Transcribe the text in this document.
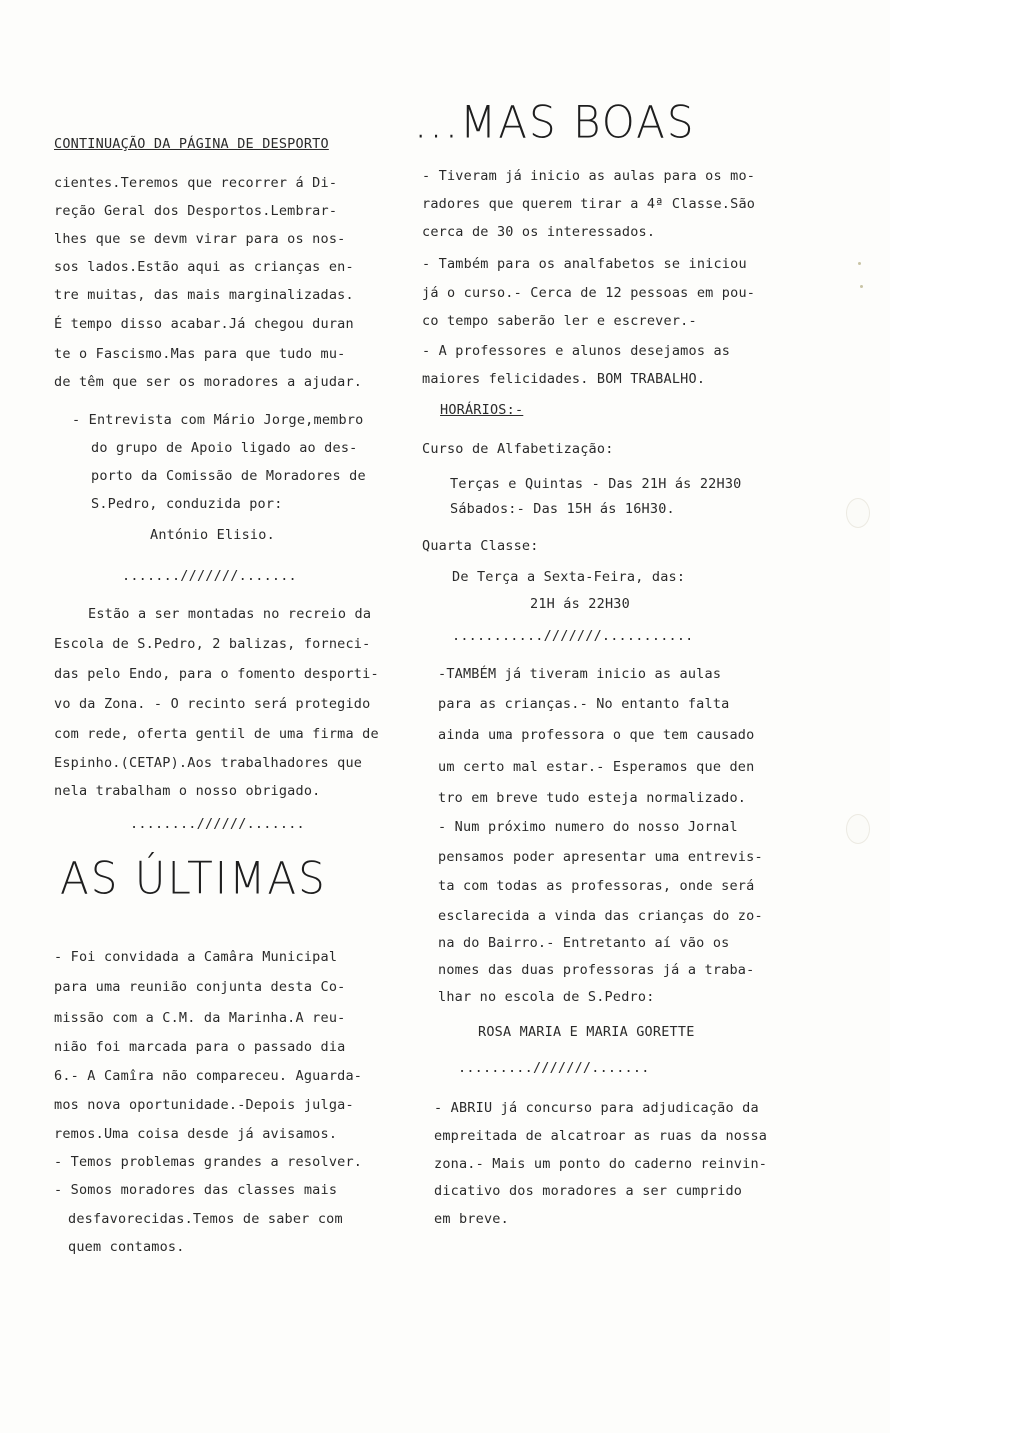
CONTINUAÇÃO DA PÁGINA DE DESPORTO
cientes.Teremos que recorrer á Di-
reção Geral dos Desportos.Lembrar-
lhes que se devm virar para os nos-
sos lados.Estão aqui as crianças en-
tre muitas, das mais marginalizadas.
É tempo disso acabar.Já chegou duran
te o Fascismo.Mas para que tudo mu-
de têm que ser os moradores a ajudar.
- Entrevista com Mário Jorge,membro
do grupo de Apoio ligado ao des-
porto da Comissão de Moradores de
S.Pedro, conduzida por:
António Elisio.
.......///////.......
Estão a ser montadas no recreio da
Escola de S.Pedro, 2 balizas, forneci-
das pelo Endo, para o fomento desporti-
vo da Zona. - O recinto será protegido
com rede, oferta gentil de uma firma de
Espinho.(CETAP).Aos trabalhadores que
nela trabalham o nosso obrigado.
........//////.......
AS ÚLTIMAS
- Foi convidada a Camâra Municipal
para uma reunião conjunta desta Co-
missão com a C.M. da Marinha.A reu-
nião foi marcada para o passado dia
6.- A Camîra não compareceu. Aguarda-
mos nova oportunidade.-Depois julga-
remos.Uma coisa desde já avisamos.
- Temos problemas grandes a resolver.
- Somos moradores das classes mais
desfavorecidas.Temos de saber com
quem contamos.
...MAS BOAS
- Tiveram já inicio as aulas para os mo-
radores que querem tirar a 4ª Classe.São
cerca de 30 os interessados.
- Também para os analfabetos se iniciou
já o curso.- Cerca de 12 pessoas em pou-
co tempo saberão ler e escrever.-
- A professores e alunos desejamos as
maiores felicidades. BOM TRABALHO.
HORÁRIOS:-
Curso de Alfabetização:
Terças e Quintas - Das 21H ás 22H30
Sábados:- Das 15H ás 16H30.
Quarta Classe:
De Terça a Sexta-Feira, das:
21H ás 22H30
...........///////...........
-TAMBÉM já tiveram inicio as aulas
para as crianças.- No entanto falta
ainda uma professora o que tem causado
um certo mal estar.- Esperamos que den
tro em breve tudo esteja normalizado.
- Num próximo numero do nosso Jornal
pensamos poder apresentar uma entrevis-
ta com todas as professoras, onde será
esclarecida a vinda das crianças do zo-
na do Bairro.- Entretanto aí vão os
nomes das duas professoras já a traba-
lhar no escola de S.Pedro:
ROSA MARIA E MARIA GORETTE
.........///////.......
- ABRIU já concurso para adjudicação da
empreitada de alcatroar as ruas da nossa
zona.- Mais um ponto do caderno reinvin-
dicativo dos moradores a ser cumprido
em breve.
